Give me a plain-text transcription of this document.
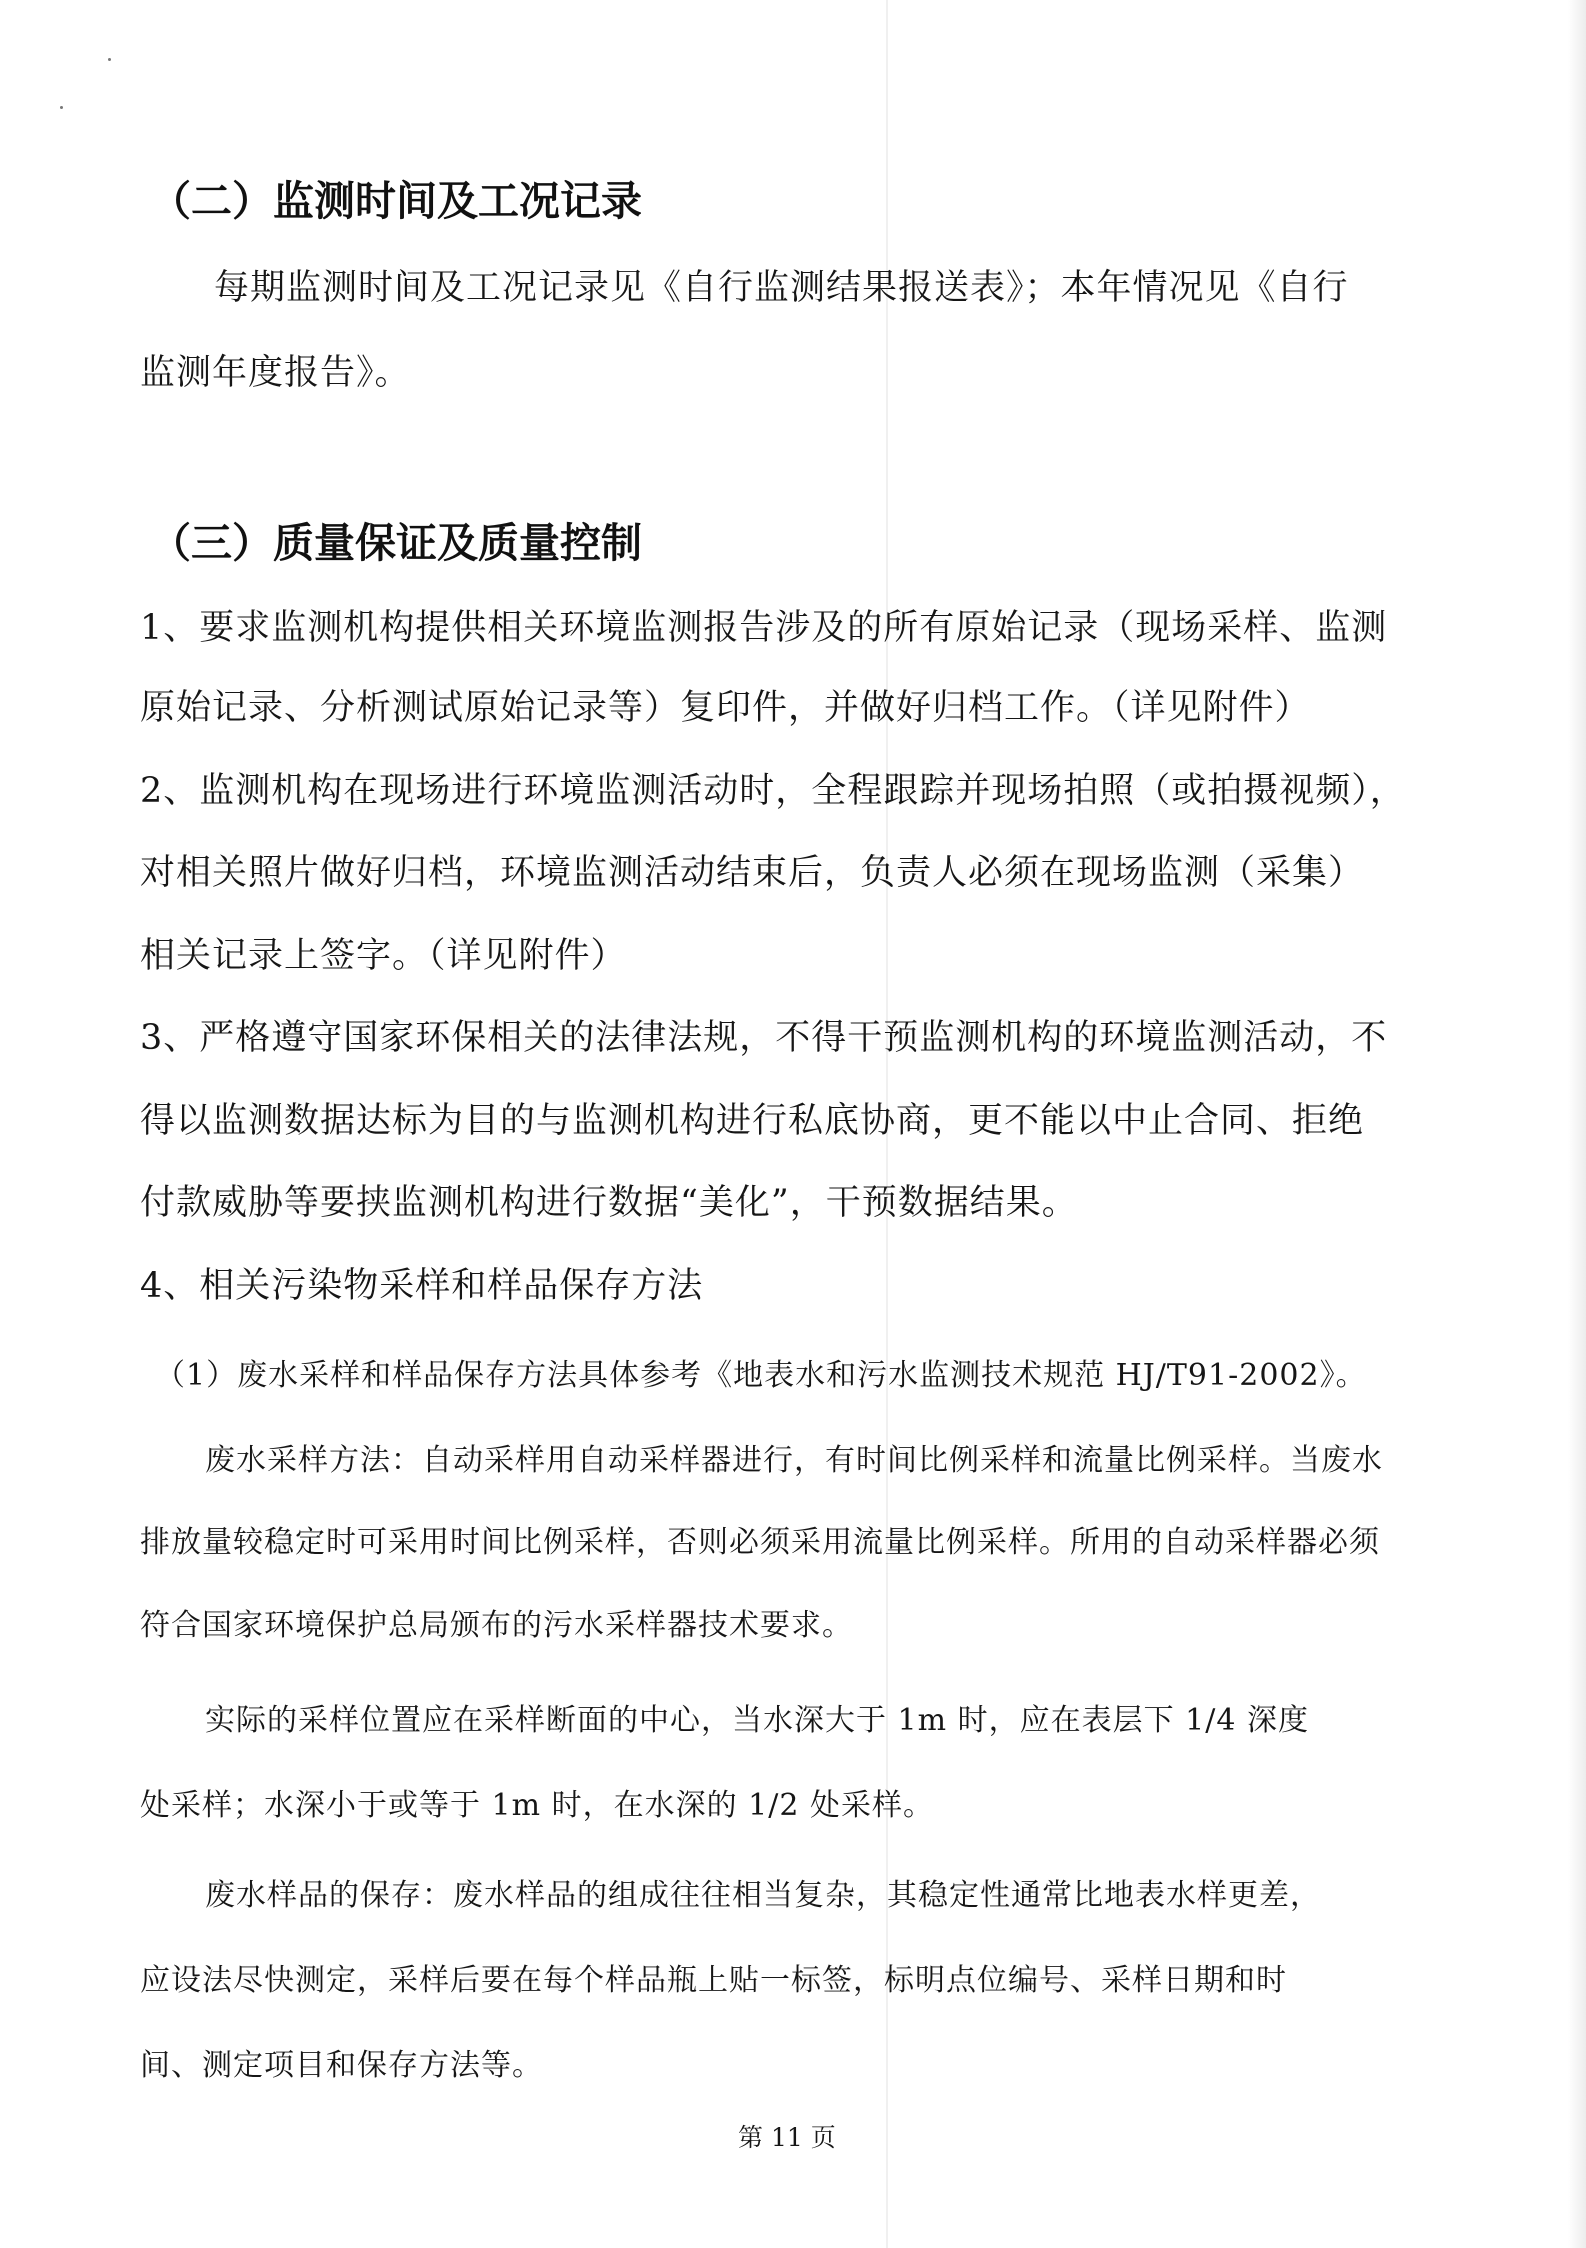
（二）监测时间及工况记录

每期监测时间及工况记录见《自行监测结果报送表》；本年情况见《自行

监测年度报告》。

（三）质量保证及质量控制

1、要求监测机构提供相关环境监测报告涉及的所有原始记录（现场采样、监测

原始记录、分析测试原始记录等）复印件，并做好归档工作。（详见附件）

2、监测机构在现场进行环境监测活动时，全程跟踪并现场拍照（或拍摄视频），

对相关照片做好归档，环境监测活动结束后，负责人必须在现场监测（采集）

相关记录上签字。（详见附件）

3、严格遵守国家环保相关的法律法规，不得干预监测机构的环境监测活动，不

得以监测数据达标为目的与监测机构进行私底协商，更不能以中止合同、拒绝

付款威胁等要挟监测机构进行数据“美化”，干预数据结果。

4、相关污染物采样和样品保存方法

（1）废水采样和样品保存方法具体参考《地表水和污水监测技术规范 HJ/T91-2002》。

废水采样方法：自动采样用自动采样器进行，有时间比例采样和流量比例采样。当废水

排放量较稳定时可采用时间比例采样，否则必须采用流量比例采样。所用的自动采样器必须

符合国家环境保护总局颁布的污水采样器技术要求。

实际的采样位置应在采样断面的中心，当水深大于 1m 时，应在表层下 1/4 深度

处采样；水深小于或等于 1m 时，在水深的 1/2 处采样。

废水样品的保存：废水样品的组成往往相当复杂，其稳定性通常比地表水样更差，

应设法尽快测定，采样后要在每个样品瓶上贴一标签，标明点位编号、采样日期和时

间、测定项目和保存方法等。

第 11 页
